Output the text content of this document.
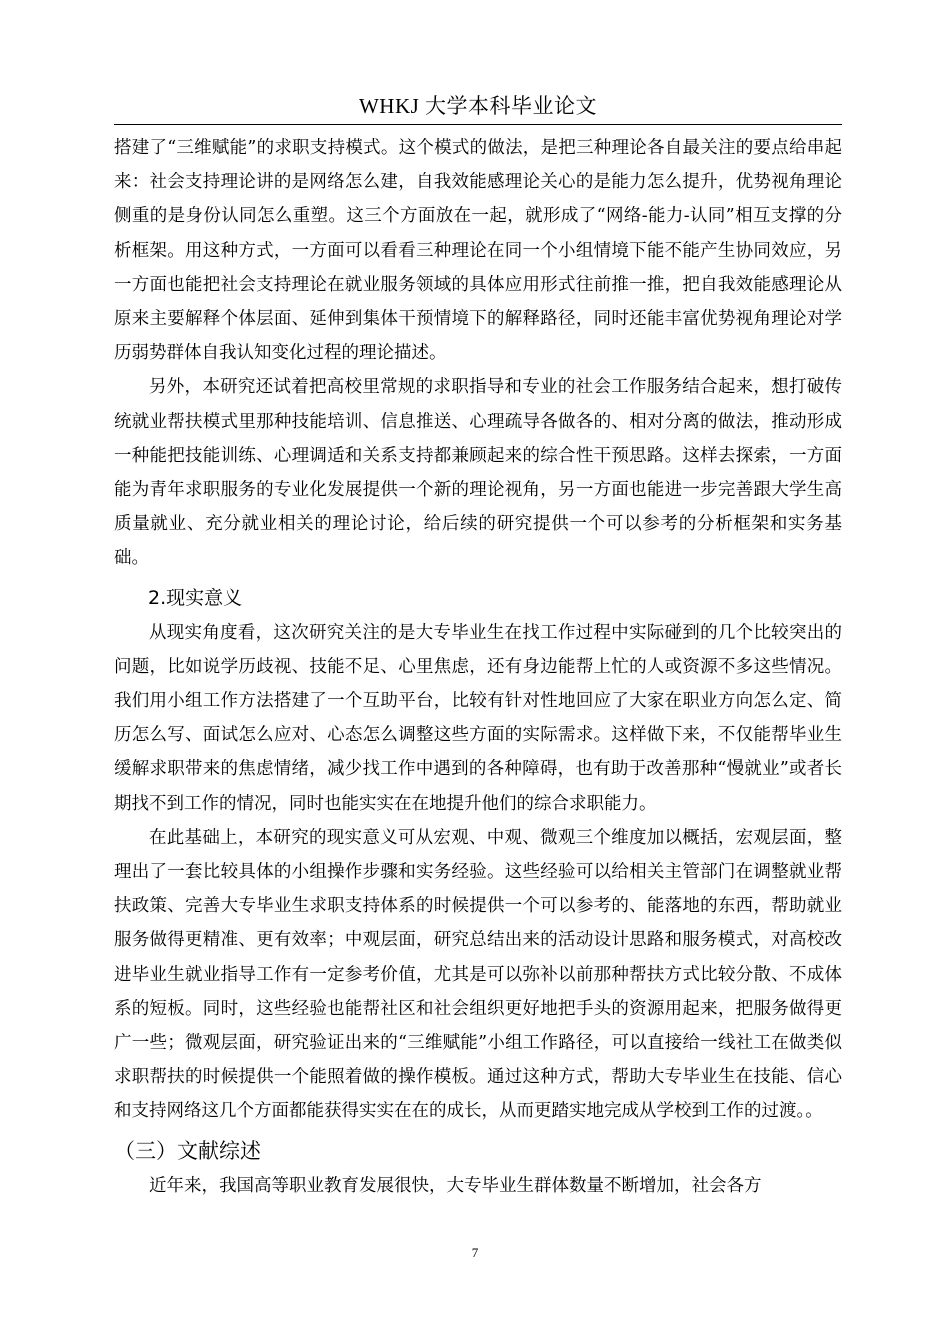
WHKJ 大学本科毕业论文

搭建了“三维赋能”的求职支持模式。这个模式的做法，是把三种理论各自最关注的要点给串起来：社会支持理论讲的是网络怎么建，自我效能感理论关心的是能力怎么提升，优势视角理论侧重的是身份认同怎么重塑。这三个方面放在一起，就形成了“网络-能力-认同”相互支撑的分析框架。用这种方式，一方面可以看看三种理论在同一个小组情境下能不能产生协同效应，另一方面也能把社会支持理论在就业服务领域的具体应用形式往前推一推，把自我效能感理论从原来主要解释个体层面、延伸到集体干预情境下的解释路径，同时还能丰富优势视角理论对学历弱势群体自我认知变化过程的理论描述。

另外，本研究还试着把高校里常规的求职指导和专业的社会工作服务结合起来，想打破传统就业帮扶模式里那种技能培训、信息推送、心理疏导各做各的、相对分离的做法，推动形成一种能把技能训练、心理调适和关系支持都兼顾起来的综合性干预思路。这样去探索，一方面能为青年求职服务的专业化发展提供一个新的理论视角，另一方面也能进一步完善跟大学生高质量就业、充分就业相关的理论讨论，给后续的研究提供一个可以参考的分析框架和实务基础。

2.现实意义

从现实角度看，这次研究关注的是大专毕业生在找工作过程中实际碰到的几个比较突出的问题，比如说学历歧视、技能不足、心里焦虑，还有身边能帮上忙的人或资源不多这些情况。我们用小组工作方法搭建了一个互助平台，比较有针对性地回应了大家在职业方向怎么定、简历怎么写、面试怎么应对、心态怎么调整这些方面的实际需求。这样做下来，不仅能帮毕业生缓解求职带来的焦虑情绪，减少找工作中遇到的各种障碍，也有助于改善那种“慢就业”或者长期找不到工作的情况，同时也能实实在在地提升他们的综合求职能力。

在此基础上，本研究的现实意义可从宏观、中观、微观三个维度加以概括，宏观层面，整理出了一套比较具体的小组操作步骤和实务经验。这些经验可以给相关主管部门在调整就业帮扶政策、完善大专毕业生求职支持体系的时候提供一个可以参考的、能落地的东西，帮助就业服务做得更精准、更有效率；中观层面，研究总结出来的活动设计思路和服务模式，对高校改进毕业生就业指导工作有一定参考价值，尤其是可以弥补以前那种帮扶方式比较分散、不成体系的短板。同时，这些经验也能帮社区和社会组织更好地把手头的资源用起来，把服务做得更广一些；微观层面，研究验证出来的“三维赋能”小组工作路径，可以直接给一线社工在做类似求职帮扶的时候提供一个能照着做的操作模板。通过这种方式，帮助大专毕业生在技能、信心和支持网络这几个方面都能获得实实在在的成长，从而更踏实地完成从学校到工作的过渡。。

（三）文献综述

近年来，我国高等职业教育发展很快，大专毕业生群体数量不断增加，社会各方

7
